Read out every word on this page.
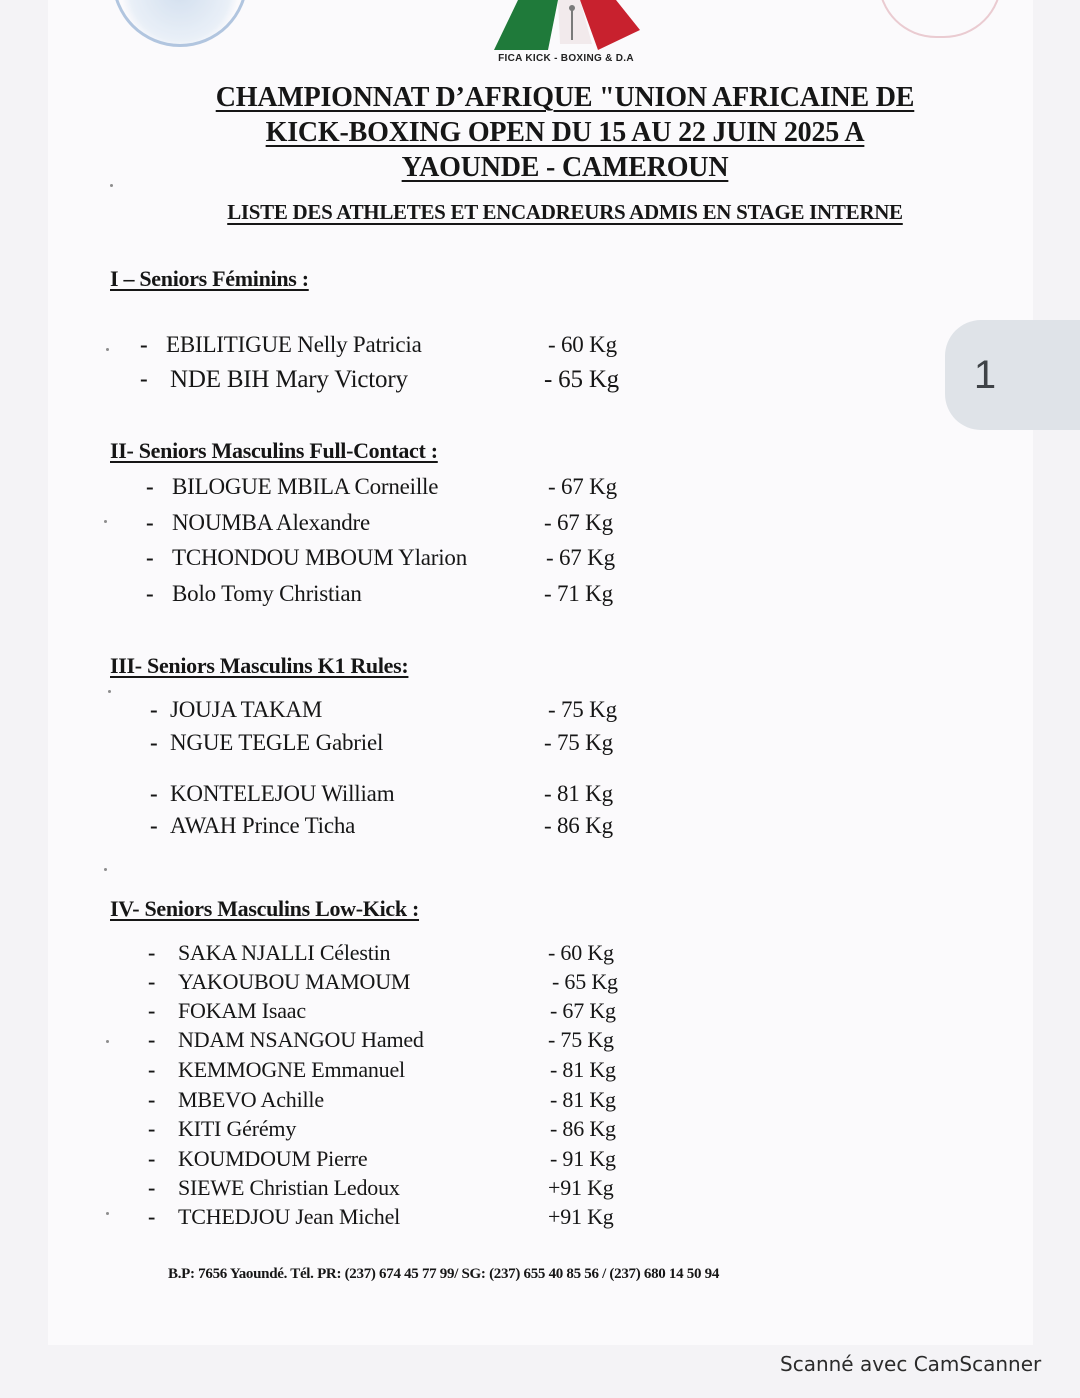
FICA KICK - BOXING & D.A
CHAMPIONNAT D’AFRIQUE "UNION AFRICAINE DE
KICK-BOXING OPEN DU 15 AU 22 JUIN 2025 A
YAOUNDE - CAMEROUN
LISTE DES ATHLETES ET ENCADREURS ADMIS EN STAGE INTERNE
I – Seniors Féminins :
- EBILITIGUE Nelly Patricia	- 60 Kg
- NDE BIH Mary Victory	- 65 Kg
II- Seniors Masculins Full-Contact :
- BILOGUE MBILA Corneille	- 67 Kg
- NOUMBA Alexandre	- 67 Kg
- TCHONDOU MBOUM Ylarion	- 67 Kg
- Bolo Tomy Christian	- 71 Kg
III- Seniors Masculins K1 Rules:
- JOUJA TAKAM	- 75 Kg
- NGUE TEGLE Gabriel	- 75 Kg
- KONTELEJOU William	- 81 Kg
- AWAH Prince Ticha	- 86 Kg
IV- Seniors Masculins Low-Kick :
- SAKA NJALLI Célestin	- 60 Kg
- YAKOUBOU MAMOUM	- 65 Kg
- FOKAM Isaac	- 67 Kg
- NDAM NSANGOU Hamed	- 75 Kg
- KEMMOGNE Emmanuel	- 81 Kg
- MBEVO Achille	- 81 Kg
- KITI Gérémy	- 86 Kg
- KOUMDOUM Pierre	- 91 Kg
- SIEWE Christian Ledoux	+91 Kg
- TCHEDJOU Jean Michel	+91 Kg
B.P: 7656 Yaoundé. Tél. PR: (237) 674 45 77 99/ SG: (237) 655 40 85 56 / (237) 680 14 50 94
1
Scanné avec CamScanner
